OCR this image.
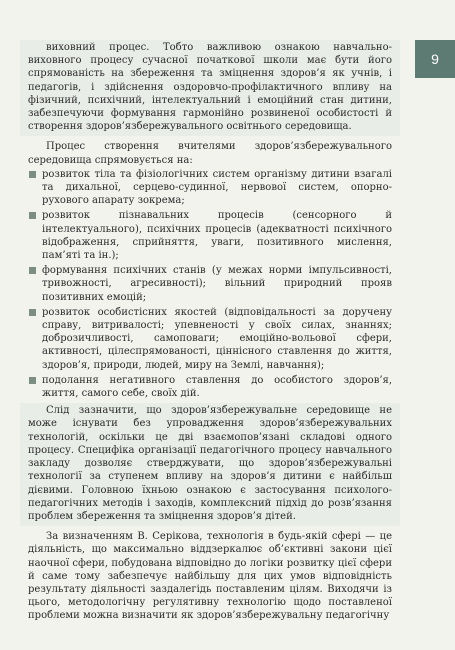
9

виховний процес. Тобто важливою ознакою навчально-виховного процесу сучасної початкової школи має бути його спрямованість на збереження та зміцнення здоров’я як учнів, і педагогів, і здійснення оздоровчо-профілактичного впливу на фізичний, психічний, інтелектуальний і емоційний стан дитини, забезпечуючи формування гармонійно розвиненої особистості й створення здоров’язбережувального освітнього середовища.

Процес створення вчителями здоров’язбережувального середовища спрямовується на:

розвиток тіла та фізіологічних систем організму дитини взагалі та дихальної, серцево-судинної, нервової систем, опорно-рухового апарату зокрема;
розвиток пізнавальних процесів (сенсорного й інтелектуального), психічних процесів (адекватності психічного відображення, сприйняття, уваги, позитивного мислення, пам’яті та ін.);
формування психічних станів (у межах норми імпульсивності, тривожності, агресивності); вільний природний прояв позитивних емоцій;
розвиток особистісних якостей (відповідальності за доручену справу, витривалості; упевненості у своїх силах, знаннях; доброзичливості, самоповаги; емоційно-вольової сфери, активності, цілеспрямованості, ціннісного ставлення до життя, здоров’я, природи, людей, миру на Землі, навчання);
подолання негативного ставлення до особистого здоров’я, життя, самого себе, своїх дій.

Слід зазначити, що здоров’язбережувальне середовище не може існувати без упровадження здоров’язбережувальних технологій, оскільки це дві взаємопов’язані складові одного процесу. Специфіка організації педагогічного процесу навчального закладу дозволяє стверджувати, що здоров’язбережувальні технології за ступенем впливу на здоров’я дитини є найбільш дієвими. Головною їхньою ознакою є застосування психолого-педагогічних методів і заходів, комплексний підхід до розв’язання проблем збереження та зміцнення здоров’я дітей.

За визначенням В. Серікова, технологія в будь-якій сфері — це діяльність, що максимально віддзеркалює об’єктивні закони цієї наочної сфери, побудована відповідно до логіки розвитку цієї сфери й саме тому забезпечує найбільшу для цих умов відповідність результату діяльності заздалегідь поставленим цілям. Виходячи із цього, методологічну регулятивну технологію щодо поставленої проблеми можна визначити як здоров’язбережувальну педагогічну
